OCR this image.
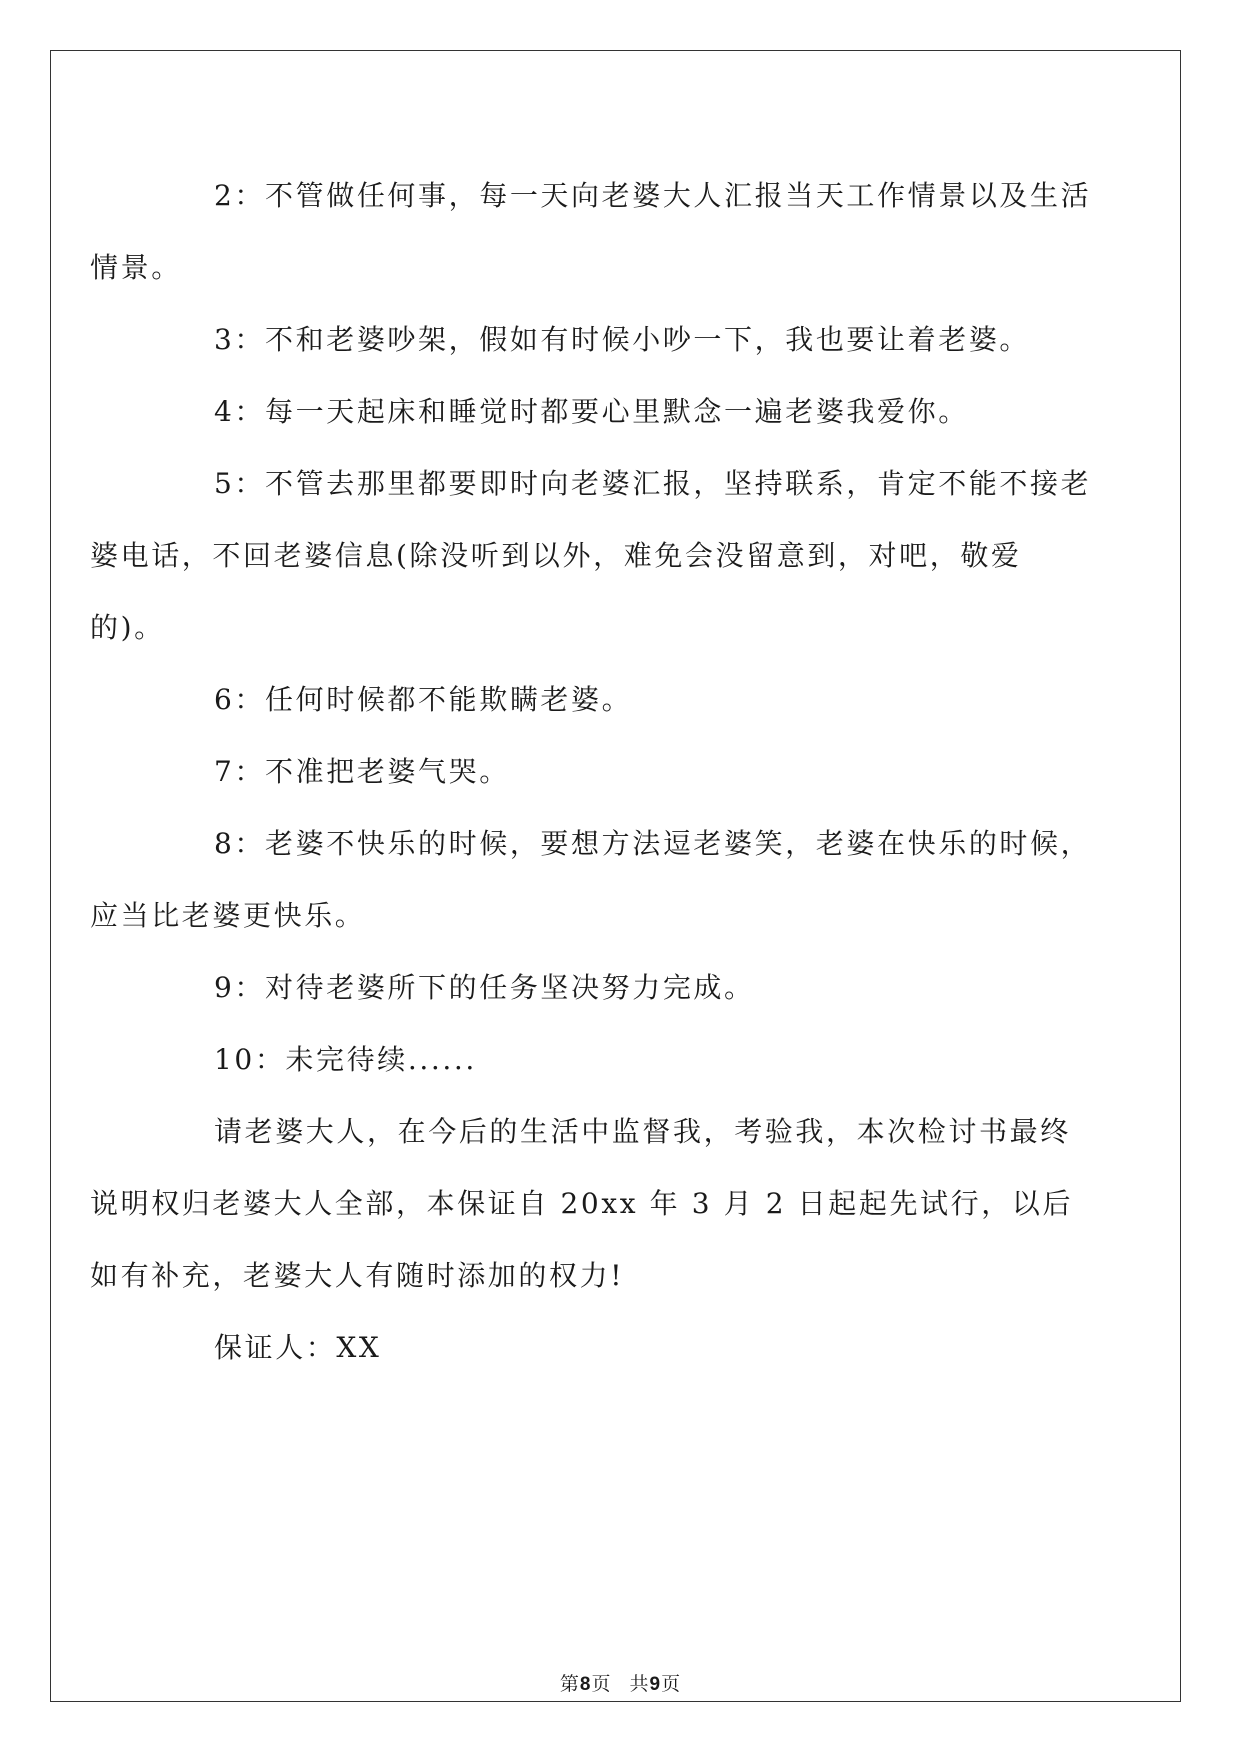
2：不管做任何事，每一天向老婆大人汇报当天工作情景以及生活
情景。

3：不和老婆吵架，假如有时候小吵一下，我也要让着老婆。

4：每一天起床和睡觉时都要心里默念一遍老婆我爱你。

5：不管去那里都要即时向老婆汇报，坚持联系，肯定不能不接老
婆电话，不回老婆信息(除没听到以外，难免会没留意到，对吧，敬爱
的)。

6：任何时候都不能欺瞒老婆。

7：不准把老婆气哭。

8：老婆不快乐的时候，要想方法逗老婆笑，老婆在快乐的时候，
应当比老婆更快乐。

9：对待老婆所下的任务坚决努力完成。

10：未完待续......

请老婆大人，在今后的生活中监督我，考验我，本次检讨书最终
说明权归老婆大人全部，本保证自 20xx 年 3 月 2 日起起先试行，以后
如有补充，老婆大人有随时添加的权力!

保证人：XX

第8页 共9页
